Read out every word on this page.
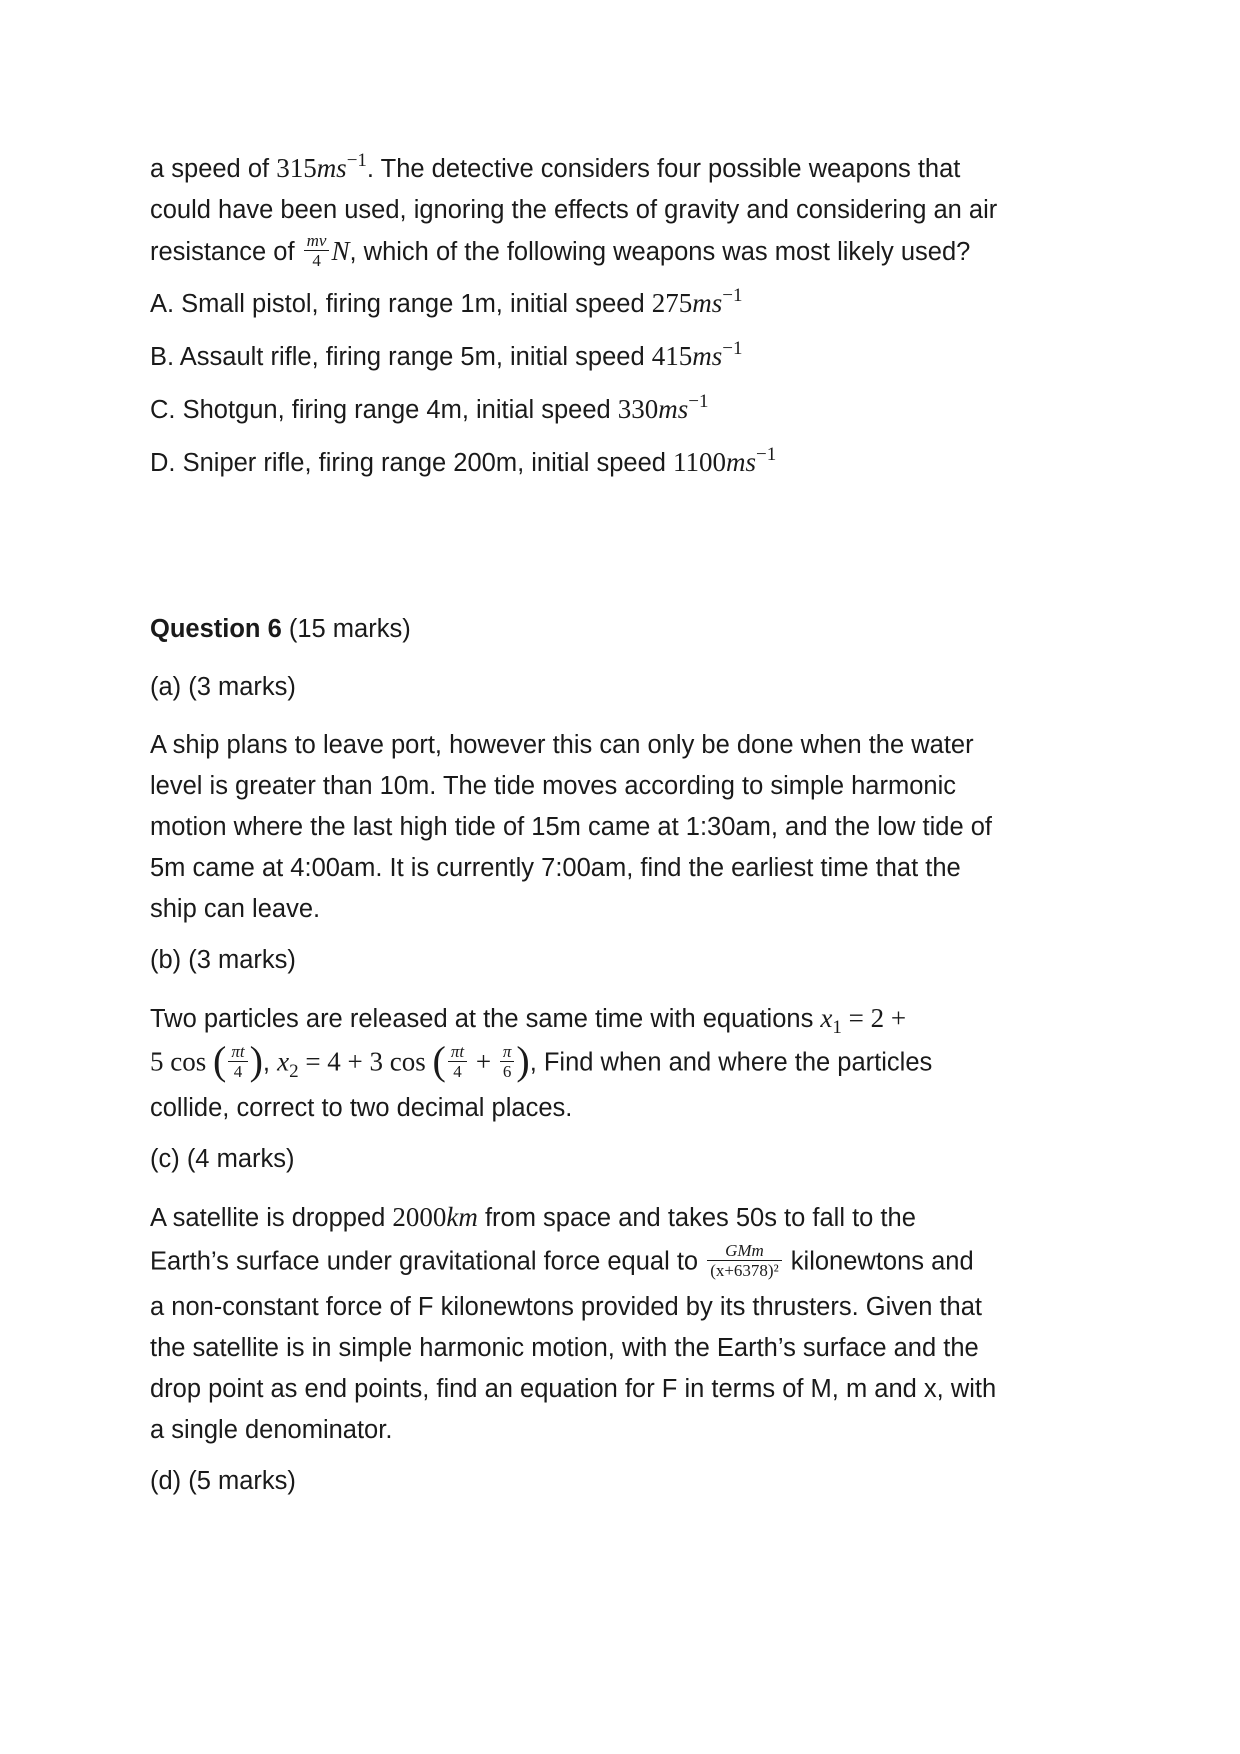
a speed of $315ms^{-1}$. The detective considers four possible weapons that
could have been used, ignoring the effects of gravity and considering an air
resistance of $\frac{mv}{4} N$, which of the following weapons was most likely used?

A. Small pistol, firing range 1m, initial speed $275ms^{-1}$

B. Assault rifle, firing range 5m, initial speed $415ms^{-1}$

C. Shotgun, firing range 4m, initial speed $330ms^{-1}$

D. Sniper rifle, firing range 200m, initial speed $1100ms^{-1}$

Question 6 (15 marks)

(a) (3 marks)

A ship plans to leave port, however this can only be done when the water
level is greater than 10m. The tide moves according to simple harmonic
motion where the last high tide of 15m came at 1:30am, and the low tide of
5m came at 4:00am. It is currently 7:00am, find the earliest time that the
ship can leave.

(b) (3 marks)

Two particles are released at the same time with equations $x_1 = 2$ +
5 cos ( $\frac{\pi t}{4}$ ), $x_2 = 4 + 3$ cos ( $\frac{\pi t}{4} + \frac{\pi}{6}$ ), Find when and where the particles
collide, correct to two decimal places.

(c) (4 marks)

A satellite is dropped 2000km from space and takes 50s to fall to the
Earth’s surface under gravitational force equal to $\frac{\text{GMm}}{\text{(x+6378)²}}$ kilonewtons and
a non-constant force of F kilonewtons provided by its thrusters. Given that
the satellite is in simple harmonic motion, with the Earth’s surface and the
drop point as end points, find an equation for F in terms of M, m and x, with
a single denominator.

(d) (5 marks)
